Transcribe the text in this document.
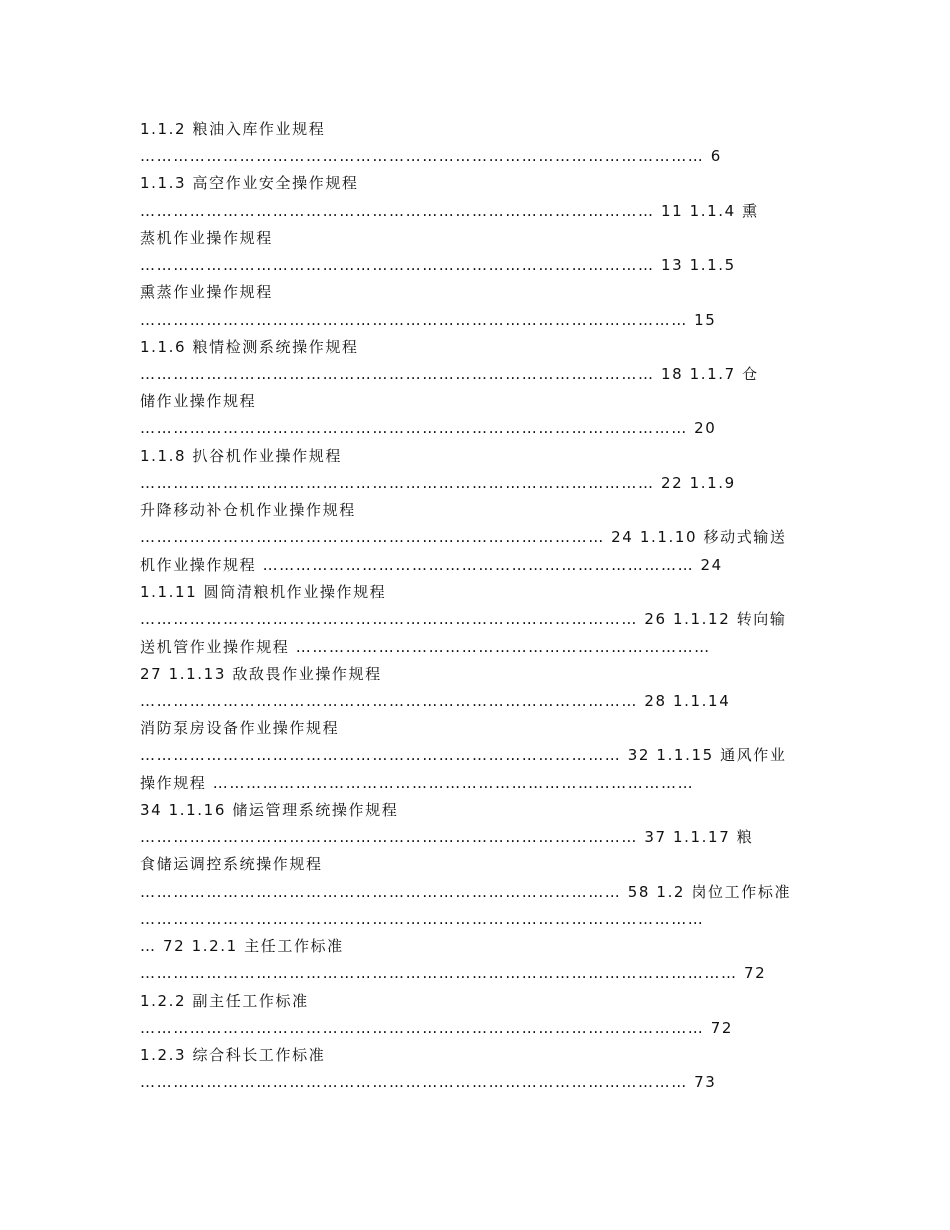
1.1.2 粮油入库作业规程
………………………………………………………………………………………… 6
1.1.3 高空作业安全操作规程
………………………………………………………………………………… 11 1.1.4 熏
蒸机作业操作规程
………………………………………………………………………………… 13 1.1.5
熏蒸作业操作规程
……………………………………………………………………………………… 15
1.1.6 粮情检测系统操作规程
………………………………………………………………………………… 18 1.1.7 仓
储作业操作规程
……………………………………………………………………………………… 20
1.1.8 扒谷机作业操作规程
………………………………………………………………………………… 22 1.1.9
升降移动补仓机作业操作规程
………………………………………………………………………… 24 1.1.10 移动式输送
机作业操作规程 …………………………………………………………………… 24
1.1.11 圆筒清粮机作业操作规程
……………………………………………………………………………… 26 1.1.12 转向输
送机管作业操作规程 …………………………………………………………………
27 1.1.13 敌敌畏作业操作规程
……………………………………………………………………………… 28 1.1.14
消防泵房设备作业操作规程
…………………………………………………………………………… 32 1.1.15 通风作业
操作规程 ……………………………………………………………………………
34 1.1.16 储运管理系统操作规程
……………………………………………………………………………… 37 1.1.17 粮
食储运调控系统操作规程
…………………………………………………………………………… 58 1.2 岗位工作标准
…………………………………………………………………………………………
… 72 1.2.1 主任工作标准
……………………………………………………………………………………………… 72
1.2.2 副主任工作标准
………………………………………………………………………………………… 72
1.2.3 综合科长工作标准
……………………………………………………………………………………… 73
